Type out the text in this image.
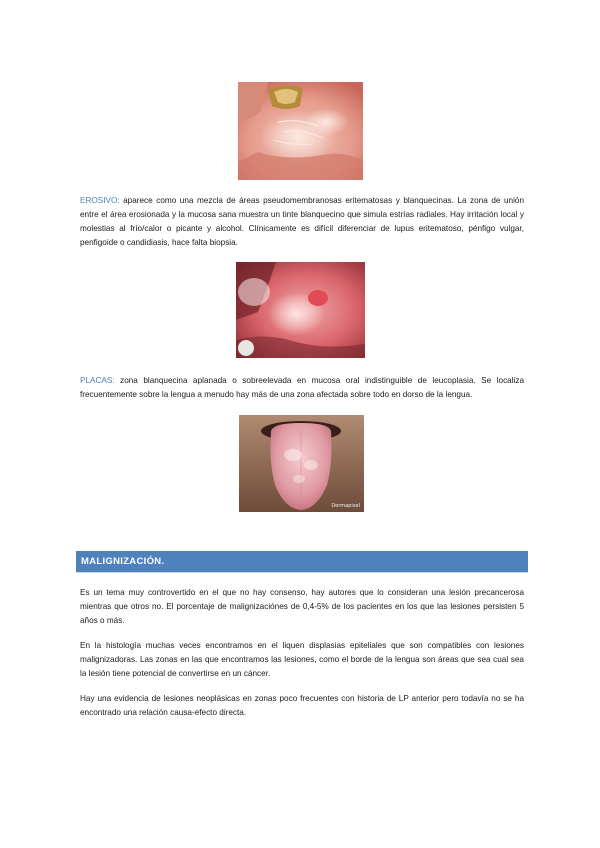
EROSIVO: aparece como una mezcla de áreas pseudomembranosas eritematosas y blanquecinas. La zona de unión entre el área erosionada y la mucosa sana muestra un tinte blanquecino que simula estrías radiales. Hay irritación local y molestias al frío/calor o picante y alcohol. Clínicamente es difícil diferenciar de lupus eritematoso, pénfigo vulgar, penfigoide o candidiasis, hace falta biopsia.

PLACAS: zona blanquecina aplanada o sobreelevada en mucosa oral indistinguible de leucoplasia. Se localiza frecuentemente sobre la lengua a menudo hay más de una zona afectada sobre todo en dorso de la lengua.

Dermapixel
MALIGNIZACIÓN.

Es un tema muy controvertido en el que no hay consenso, hay autores que lo consideran una lesión precancerosa mientras que otros no. El porcentaje de malignizaciónes de 0,4-5% de los pacientes en los que las lesiones persisten 5 años o más.

En la histología muchas veces encontramos en el liquen displasias epiteliales que son compatibles con lesiones malignizadoras. Las zonas en las que encontramos las lesiones, como el borde de la lengua son áreas que sea cual sea la lesión tiene potencial de convertirse en un cáncer.

Hay una evidencia de lesiones neoplásicas en zonas poco frecuentes con historia de LP anterior pero todavía no se ha encontrado una relación causa-efecto directa.
